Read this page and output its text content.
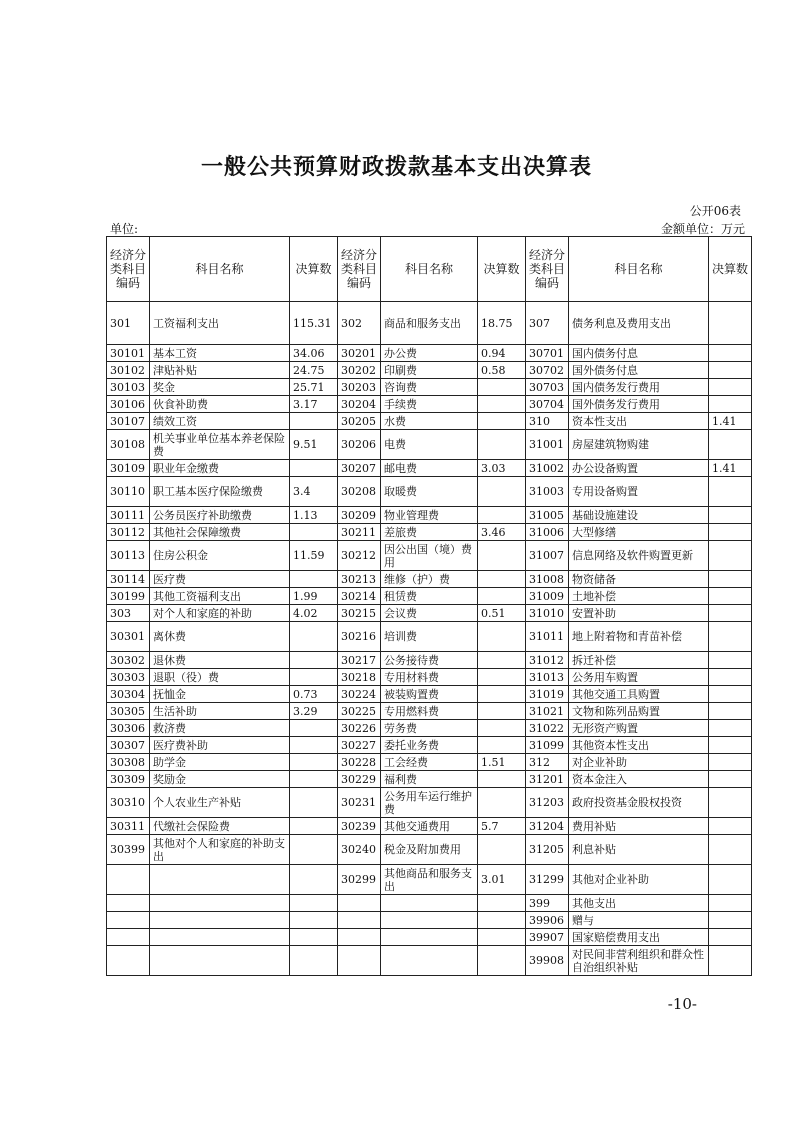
一般公共预算财政拨款基本支出决算表
公开06表
单位:	金额单位：万元
经济分类科目编码	科目名称	决算数	经济分类科目编码	科目名称	决算数	经济分类科目编码	科目名称	决算数
301	工资福利支出	115.31	302	商品和服务支出	18.75	307	债务利息及费用支出	
30101	基本工资	34.06	30201	办公费	0.94	30701	国内债务付息	
30102	津贴补贴	24.75	30202	印刷费	0.58	30702	国外债务付息	
30103	奖金	25.71	30203	咨询费		30703	国内债务发行费用	
30106	伙食补助费	3.17	30204	手续费		30704	国外债务发行费用	
30107	绩效工资		30205	水费		310	资本性支出	1.41
30108	机关事业单位基本养老保险费	9.51	30206	电费		31001	房屋建筑物购建	
30109	职业年金缴费		30207	邮电费	3.03	31002	办公设备购置	1.41
30110	职工基本医疗保险缴费	3.4	30208	取暖费		31003	专用设备购置	
30111	公务员医疗补助缴费	1.13	30209	物业管理费		31005	基础设施建设	
30112	其他社会保障缴费		30211	差旅费	3.46	31006	大型修缮	
30113	住房公积金	11.59	30212	因公出国（境）费用		31007	信息网络及软件购置更新	
30114	医疗费		30213	维修（护）费		31008	物资储备	
30199	其他工资福利支出	1.99	30214	租赁费		31009	土地补偿	
303	对个人和家庭的补助	4.02	30215	会议费	0.51	31010	安置补助	
30301	离休费		30216	培训费		31011	地上附着物和青苗补偿	
30302	退休费		30217	公务接待费		31012	拆迁补偿	
30303	退职（役）费		30218	专用材料费		31013	公务用车购置	
30304	抚恤金	0.73	30224	被装购置费		31019	其他交通工具购置	
30305	生活补助	3.29	30225	专用燃料费		31021	文物和陈列品购置	
30306	救济费		30226	劳务费		31022	无形资产购置	
30307	医疗费补助		30227	委托业务费		31099	其他资本性支出	
30308	助学金		30228	工会经费	1.51	312	对企业补助	
30309	奖励金		30229	福利费		31201	资本金注入	
30310	个人农业生产补贴		30231	公务用车运行维护费		31203	政府投资基金股权投资	
30311	代缴社会保险费		30239	其他交通费用	5.7	31204	费用补贴	
30399	其他对个人和家庭的补助支出		30240	税金及附加费用		31205	利息补贴	
			30299	其他商品和服务支出	3.01	31299	其他对企业补助	
						399	其他支出	
						39906	赠与	
						39907	国家赔偿费用支出	
						39908	对民间非营利组织和群众性自治组织补贴	
-10-
